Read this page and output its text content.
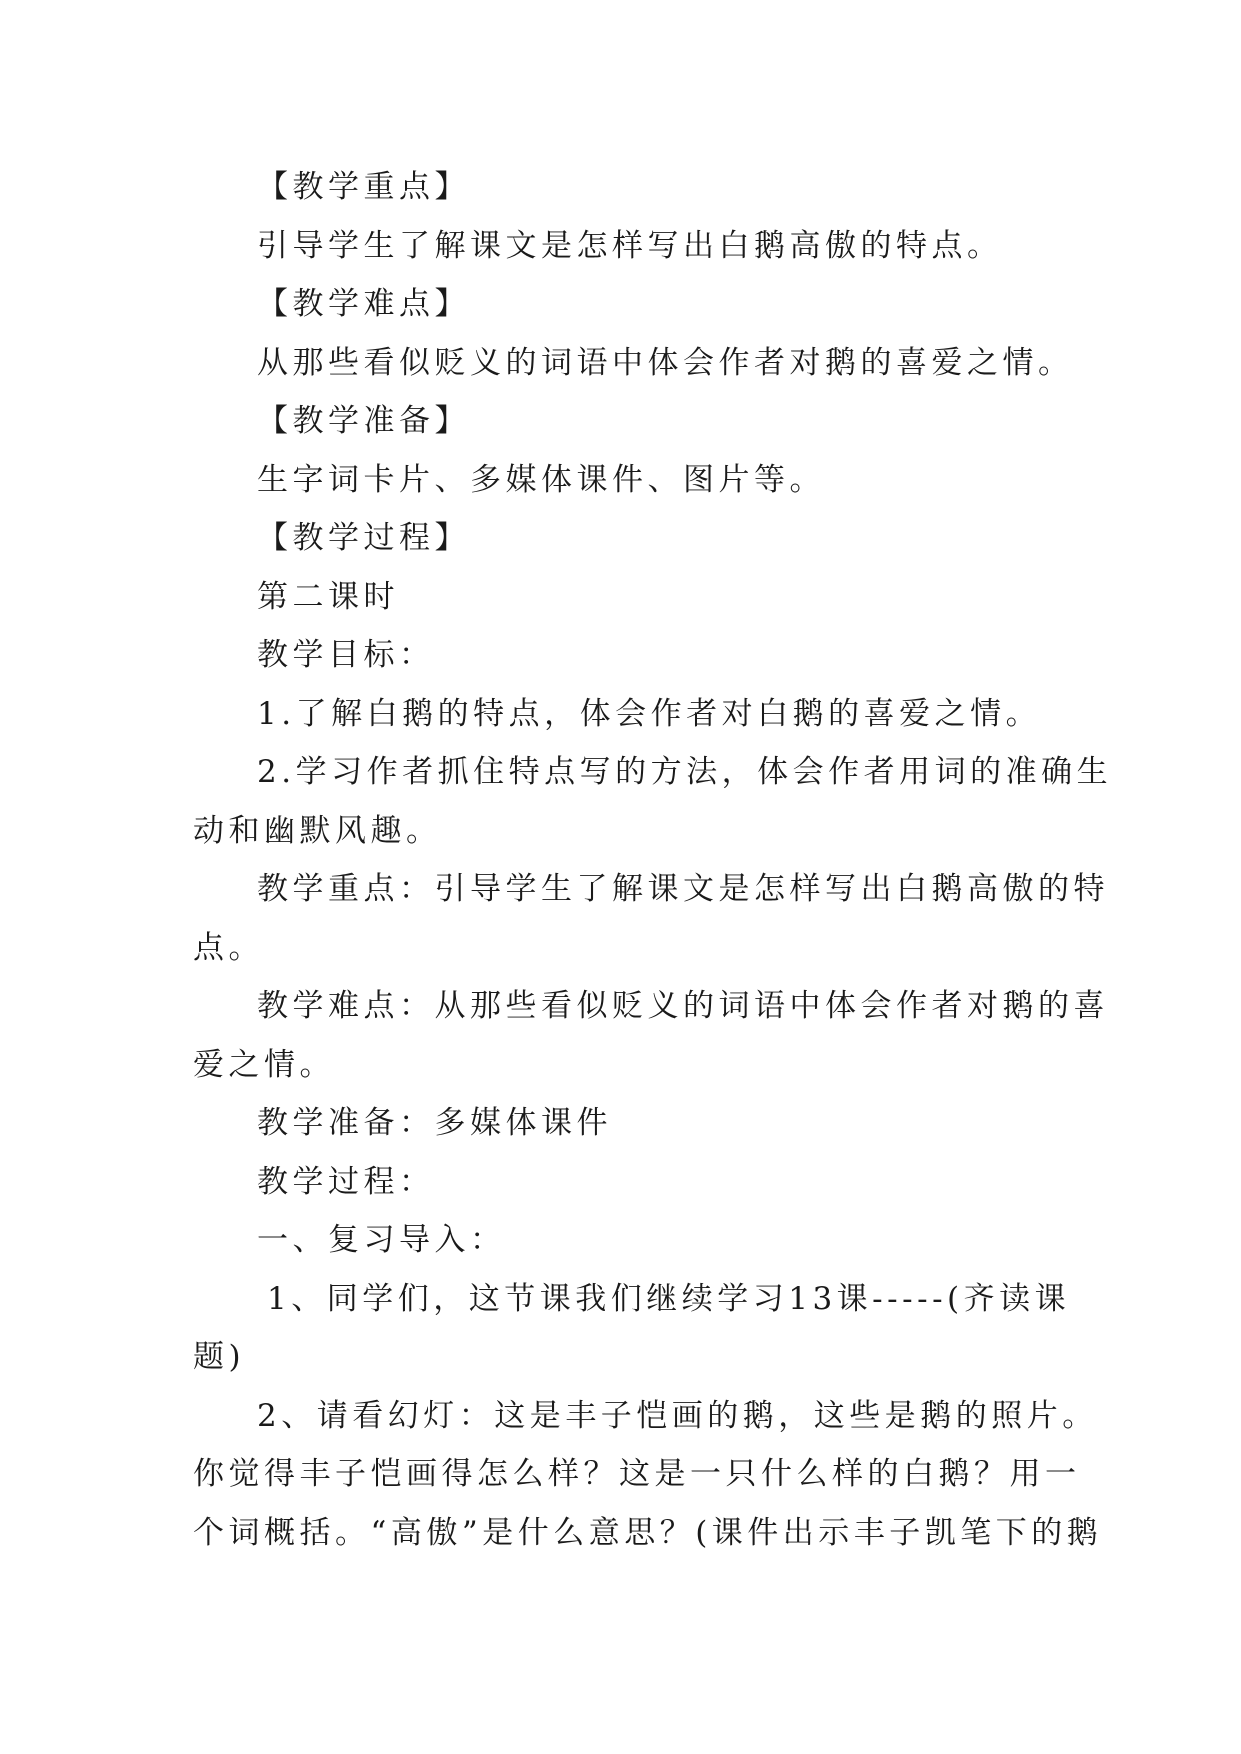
【教学重点】

引导学生了解课文是怎样写出白鹅高傲的特点。

【教学难点】

从那些看似贬义的词语中体会作者对鹅的喜爱之情。

【教学准备】

生字词卡片、多媒体课件、图片等。

【教学过程】

第二课时

教学目标：

1.了解白鹅的特点，体会作者对白鹅的喜爱之情。

2.学习作者抓住特点写的方法，体会作者用词的准确生

动和幽默风趣。

教学重点：引导学生了解课文是怎样写出白鹅高傲的特

点。

教学难点：从那些看似贬义的词语中体会作者对鹅的喜

爱之情。

教学准备：多媒体课件

教学过程：

一、复习导入：

1、同学们，这节课我们继续学习13课-----(齐读课

题)

2、请看幻灯：这是丰子恺画的鹅，这些是鹅的照片。

你觉得丰子恺画得怎么样？这是一只什么样的白鹅？用一

个词概括。“高傲”是什么意思？(课件出示丰子凯笔下的鹅
